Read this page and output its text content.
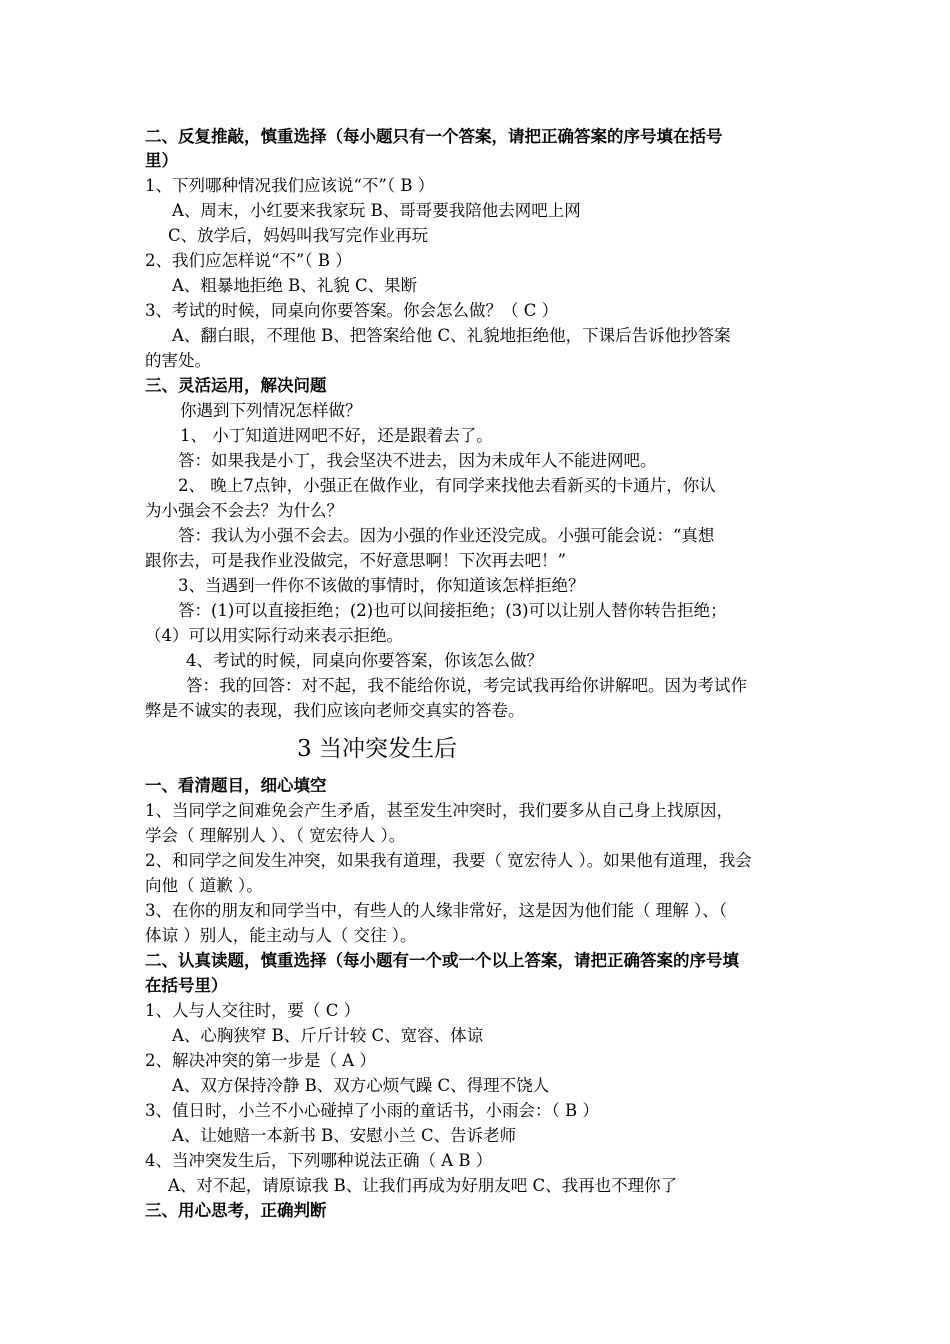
二、反复推敲，慎重选择（每小题只有一个答案，请把正确答案的序号填在括号
里）
1、下列哪种情况我们应该说“不”（ B ）
A、周末，小红要来我家玩 B、哥哥要我陪他去网吧上网
C、放学后，妈妈叫我写完作业再玩
2、我们应怎样说“不”（ B ）
A、粗暴地拒绝 B、礼貌 C、果断
3、考试的时候，同桌向你要答案。你会怎么做？（ C ）
A、翻白眼，不理他 B、把答案给他 C、礼貌地拒绝他，下课后告诉他抄答案
的害处。
三、灵活运用，解决问题
你遇到下列情况怎样做？
1、 小丁知道进网吧不好，还是跟着去了。
答：如果我是小丁，我会坚决不进去，因为未成年人不能进网吧。
2、 晚上7点钟，小强正在做作业，有同学来找他去看新买的卡通片，你认
为小强会不会去？为什么？
答：我认为小强不会去。因为小强的作业还没完成。小强可能会说：“真想
跟你去，可是我作业没做完，不好意思啊！下次再去吧！”
3、当遇到一件你不该做的事情时，你知道该怎样拒绝？
答：(1)可以直接拒绝；(2)也可以间接拒绝；(3)可以让别人替你转告拒绝；
（4）可以用实际行动来表示拒绝。
4、考试的时候，同桌向你要答案，你该怎么做？
答：我的回答：对不起，我不能给你说，考完试我再给你讲解吧。因为考试作
弊是不诚实的表现，我们应该向老师交真实的答卷。
3 当冲突发生后
一、看清题目，细心填空
1、当同学之间难免会产生矛盾，甚至发生冲突时，我们要多从自己身上找原因，
学会（ 理解别人 ）、（ 宽宏待人 ）。
2、和同学之间发生冲突，如果我有道理，我要（ 宽宏待人 ）。如果他有道理，我会
向他（ 道歉 ）。
3、在你的朋友和同学当中，有些人的人缘非常好，这是因为他们能（ 理解 ）、（
体谅 ）别人，能主动与人（ 交往 ）。
二、认真读题，慎重选择（每小题有一个或一个以上答案，请把正确答案的序号填
在括号里）
1、人与人交往时，要（ C ）
A、心胸狭窄 B、斤斤计较 C、宽容、体谅
2、解决冲突的第一步是（ A ）
A、双方保持冷静 B、双方心烦气躁 C、得理不饶人
3、值日时，小兰不小心碰掉了小雨的童话书，小雨会：（ B ）
A、让她赔一本新书 B、安慰小兰 C、告诉老师
4、当冲突发生后，下列哪种说法正确（ A B ）
A、对不起，请原谅我 B、让我们再成为好朋友吧 C、我再也不理你了
三、用心思考，正确判断
